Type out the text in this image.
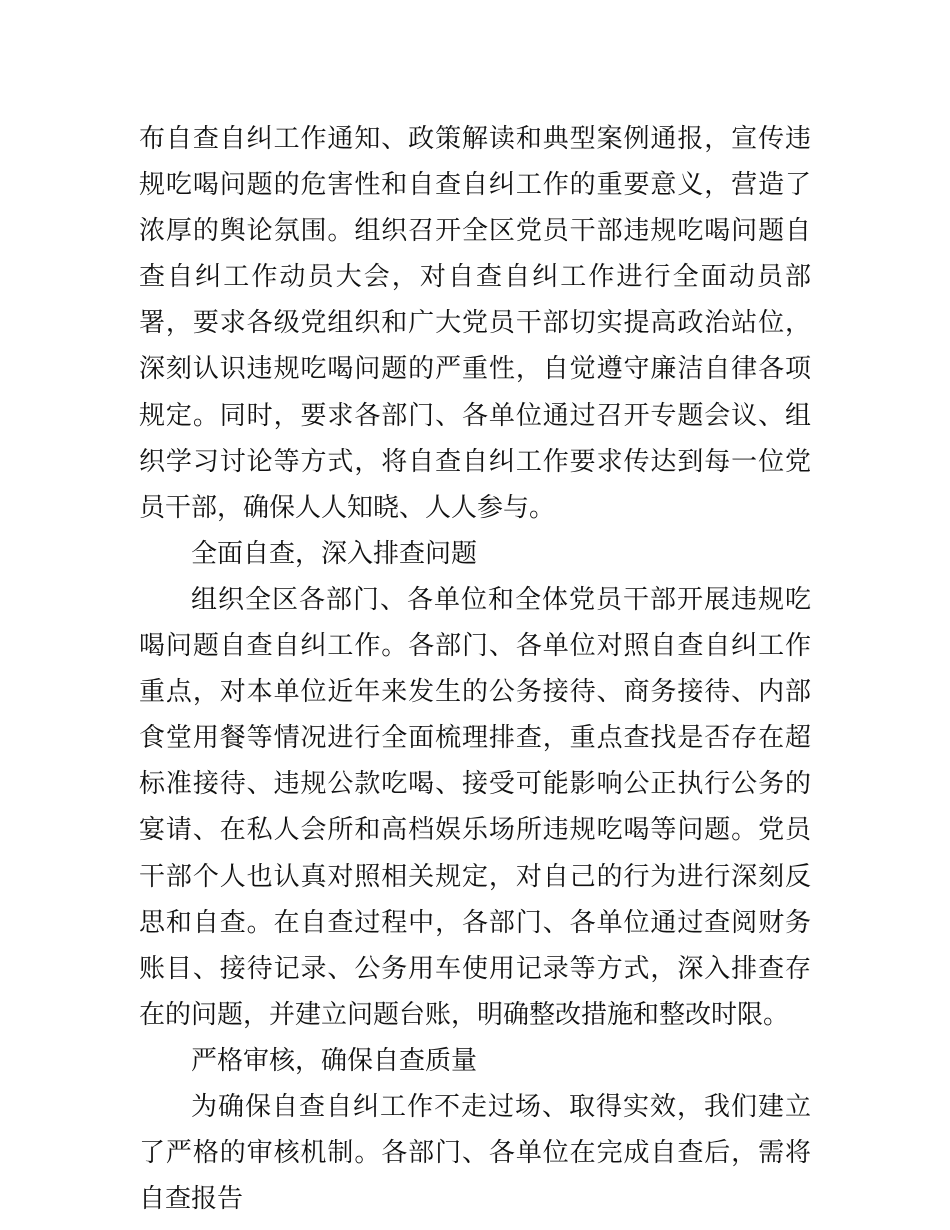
布自查自纠工作通知、政策解读和典型案例通报，宣传违规吃喝问题的危害性和自查自纠工作的重要意义，营造了浓厚的舆论氛围。组织召开全区党员干部违规吃喝问题自查自纠工作动员大会，对自查自纠工作进行全面动员部署，要求各级党组织和广大党员干部切实提高政治站位，深刻认识违规吃喝问题的严重性，自觉遵守廉洁自律各项规定。同时，要求各部门、各单位通过召开专题会议、组织学习讨论等方式，将自查自纠工作要求传达到每一位党员干部，确保人人知晓、人人参与。

全面自查，深入排查问题

组织全区各部门、各单位和全体党员干部开展违规吃喝问题自查自纠工作。各部门、各单位对照自查自纠工作重点，对本单位近年来发生的公务接待、商务接待、内部食堂用餐等情况进行全面梳理排查，重点查找是否存在超标准接待、违规公款吃喝、接受可能影响公正执行公务的宴请、在私人会所和高档娱乐场所违规吃喝等问题。党员干部个人也认真对照相关规定，对自己的行为进行深刻反思和自查。在自查过程中，各部门、各单位通过查阅财务账目、接待记录、公务用车使用记录等方式，深入排查存在的问题，并建立问题台账，明确整改措施和整改时限。

严格审核，确保自查质量

为确保自查自纠工作不走过场、取得实效，我们建立了严格的审核机制。各部门、各单位在完成自查后，需将自查报告
